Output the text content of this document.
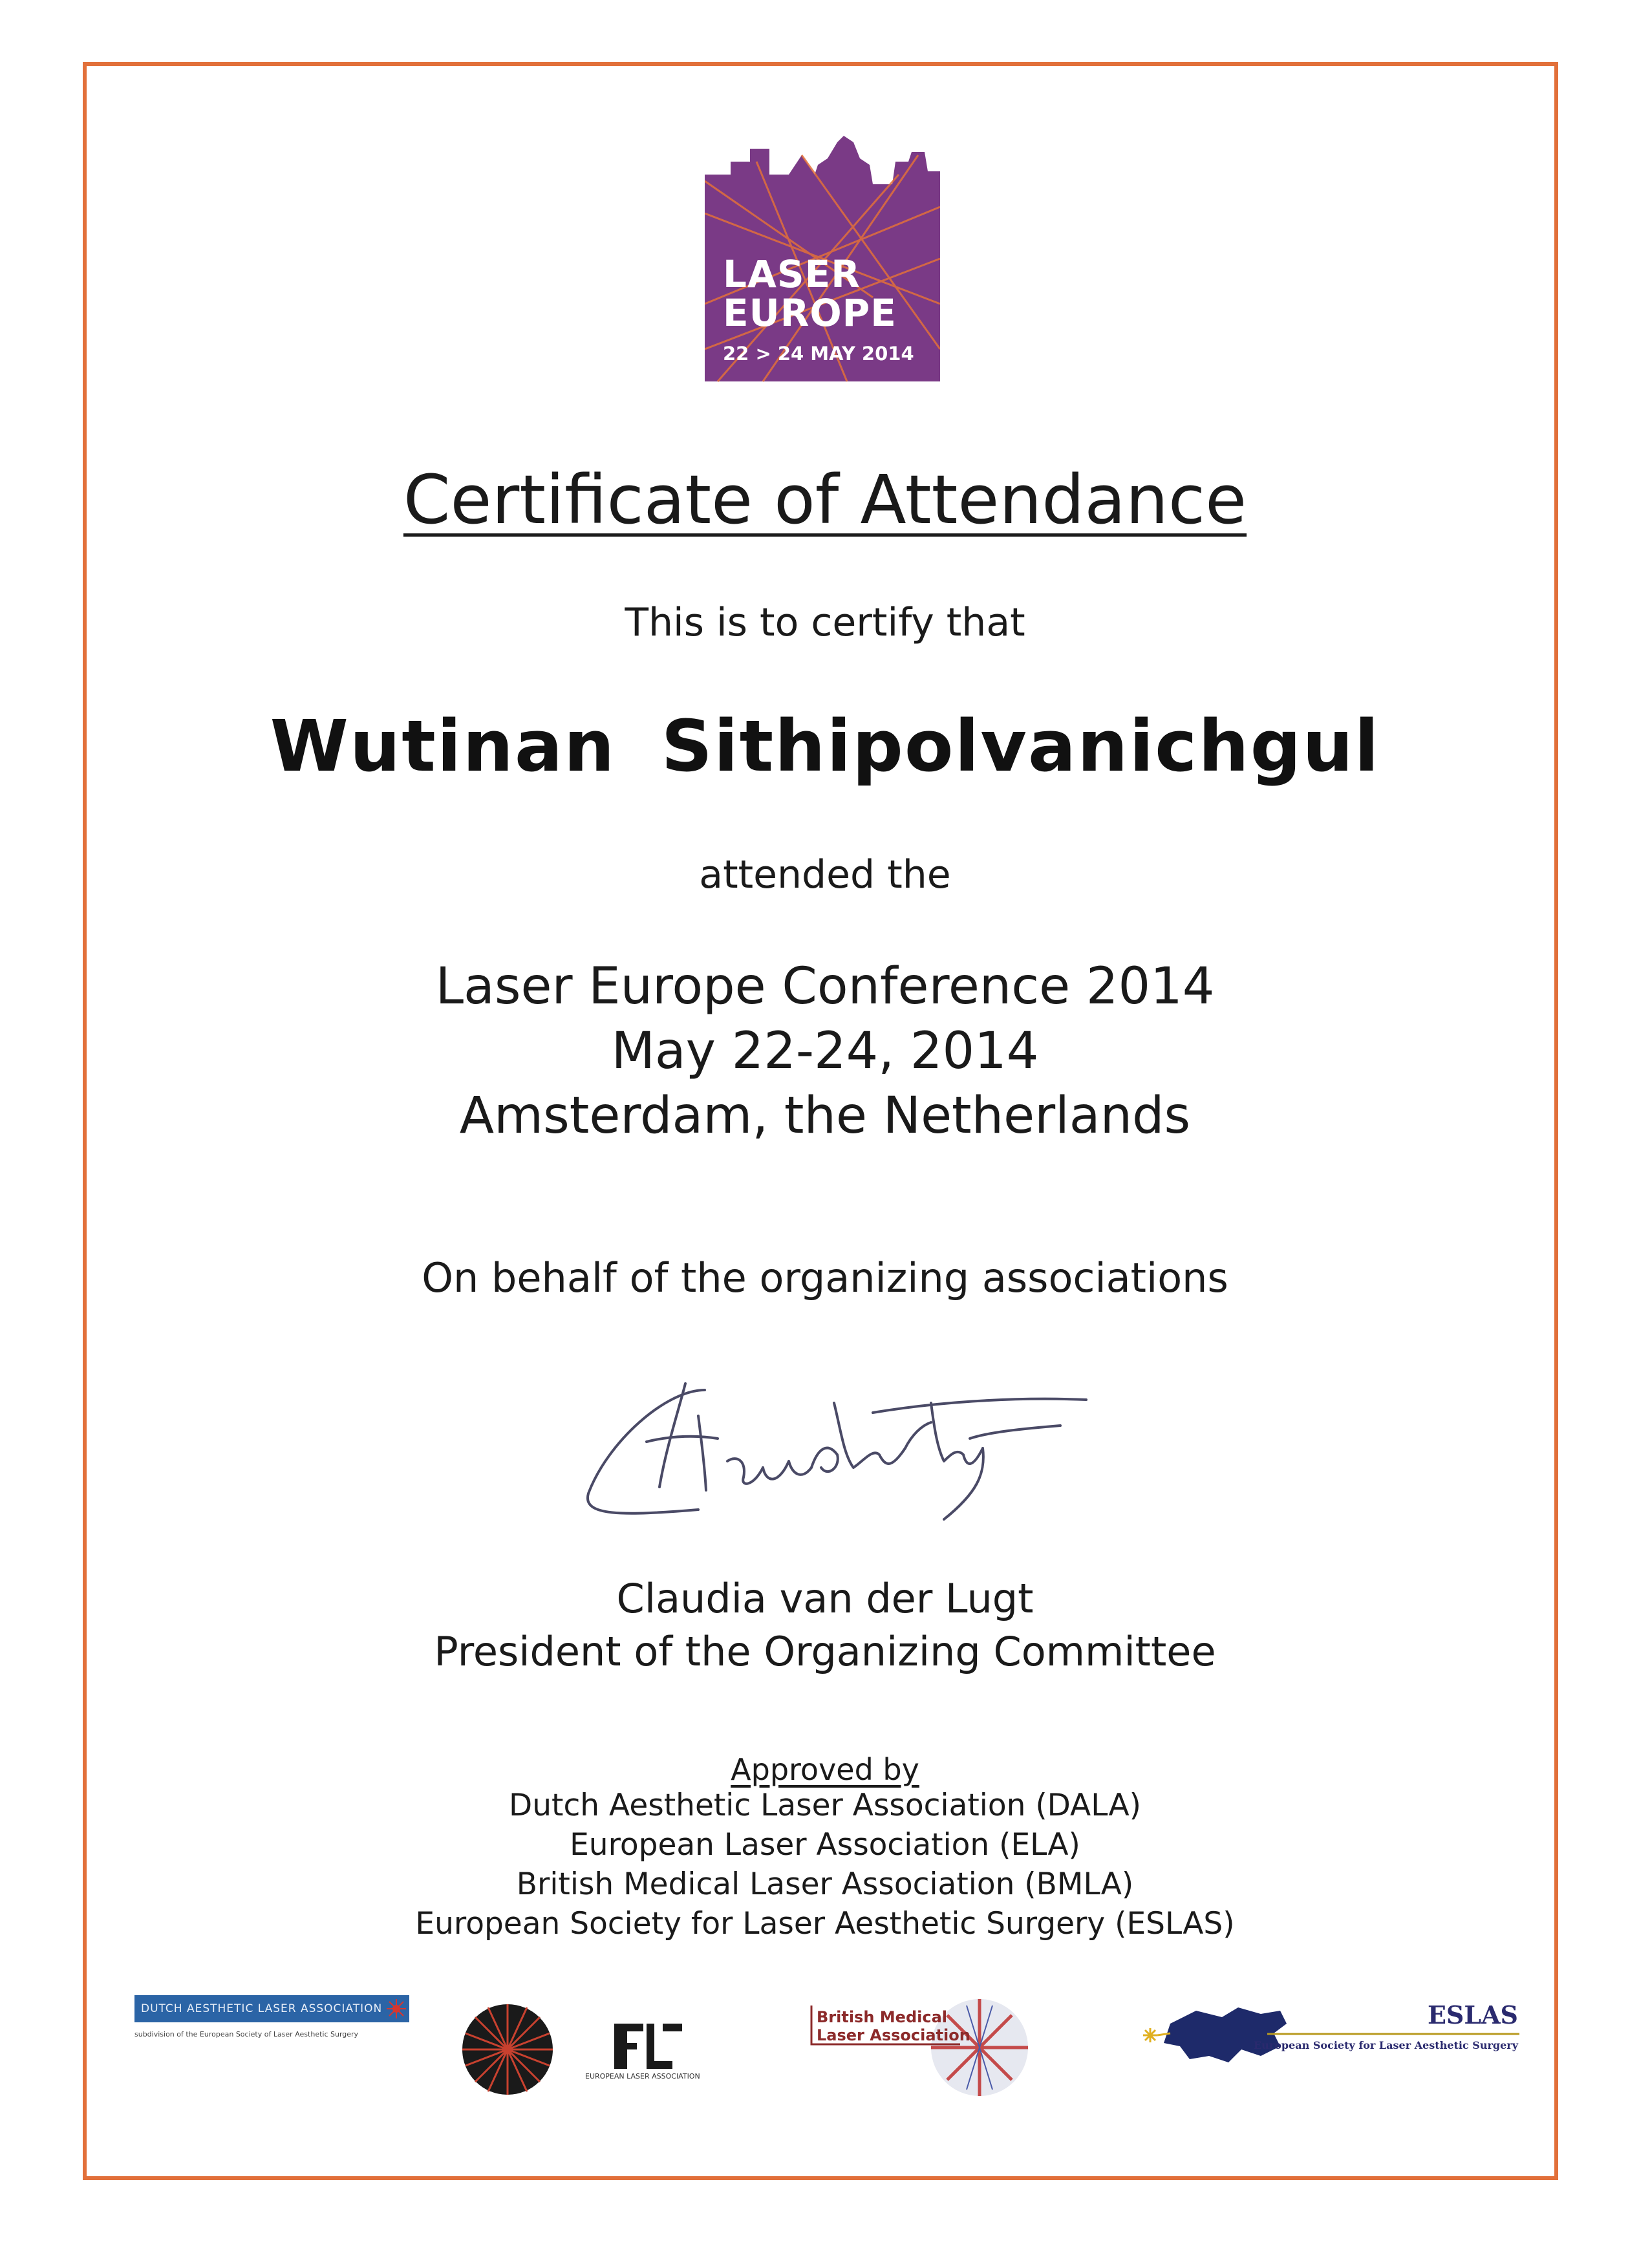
LASER
EUROPE
22 > 24 MAY 2014
Certificate of Attendance
This is to certify that
Wutinan Sithipolvanichgul
attended the
Laser Europe Conference 2014
May 22-24, 2014
Amsterdam, the Netherlands
On behalf of the organizing associations
Claudia van der Lugt
President of the Organizing Committee
Approved by
Dutch Aesthetic Laser Association (DALA)
European Laser Association (ELA)
British Medical Laser Association (BMLA)
European Society for Laser Aesthetic Surgery (ESLAS)
DUTCH AESTHETIC LASER ASSOCIATION
subdivision of the European Society of Laser Aesthetic Surgery
EUROPEAN LASER ASSOCIATION
British Medical
Laser Association
ESLAS
European Society for Laser Aesthetic Surgery
